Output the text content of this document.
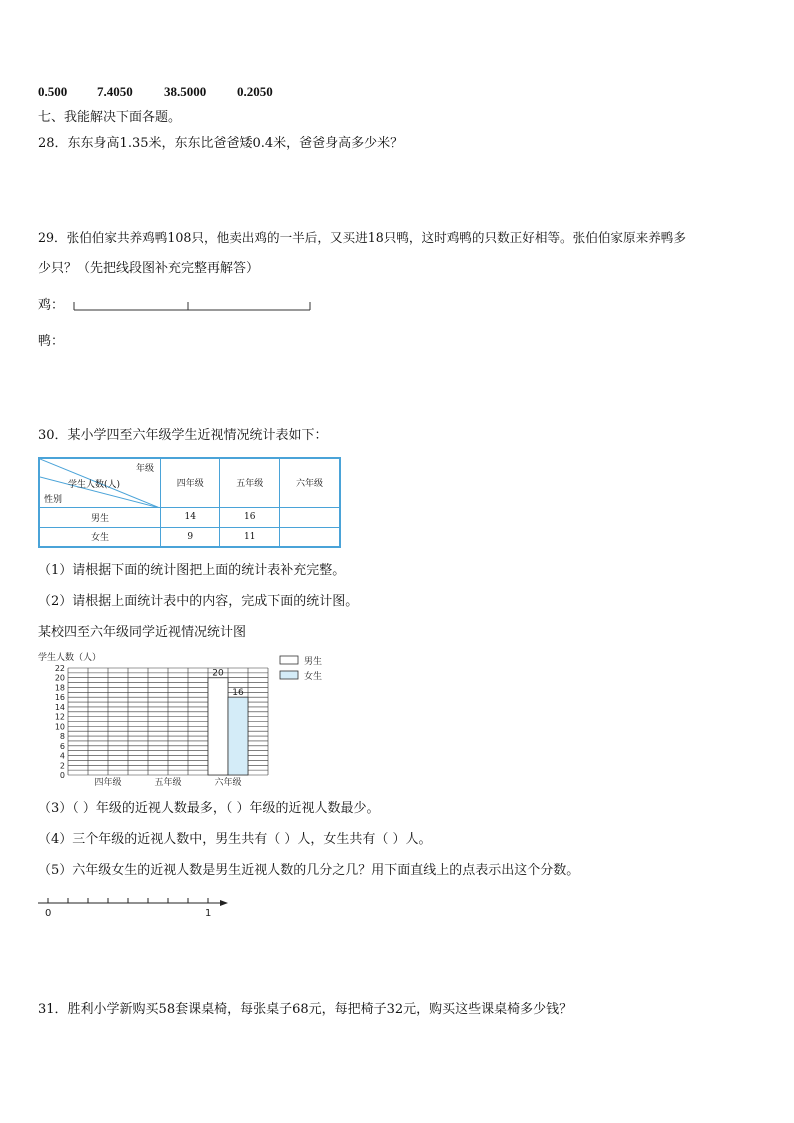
0.500 7.4050 38.5000 0.2050
七、我能解决下面各题。
28．东东身高1.35米，东东比爸爸矮0.4米，爸爸身高多少米？
29．张伯伯家共养鸡鸭108只，他卖出鸡的一半后，又买进18只鸭，这时鸡鸭的只数正好相等。张伯伯家原来养鸭多
少只？（先把线段图补充完整再解答）
鸡：
鸭：
30．某小学四至六年级学生近视情况统计表如下：
年级
学生人数(人)
性别	四年级	五年级	六年级
男生	14	16	
女生	9	11	
（1）请根据下面的统计图把上面的统计表补充完整。
（2）请根据上面统计表中的内容，完成下面的统计图。
某校四至六年级同学近视情况统计图
学生人数（人）
0
2
4
6
8
10
12
14
16
18
20
22
20
16
四年级	五年级	六年级
男生
女生
（3）（ ）年级的近视人数最多，（ ）年级的近视人数最少。
（4）三个年级的近视人数中，男生共有（ ）人，女生共有（ ）人。
（5）六年级女生的近视人数是男生近视人数的几分之几？用下面直线上的点表示出这个分数。
0	1
31．胜利小学新购买58套课桌椅，每张桌子68元，每把椅子32元，购买这些课桌椅多少钱？
